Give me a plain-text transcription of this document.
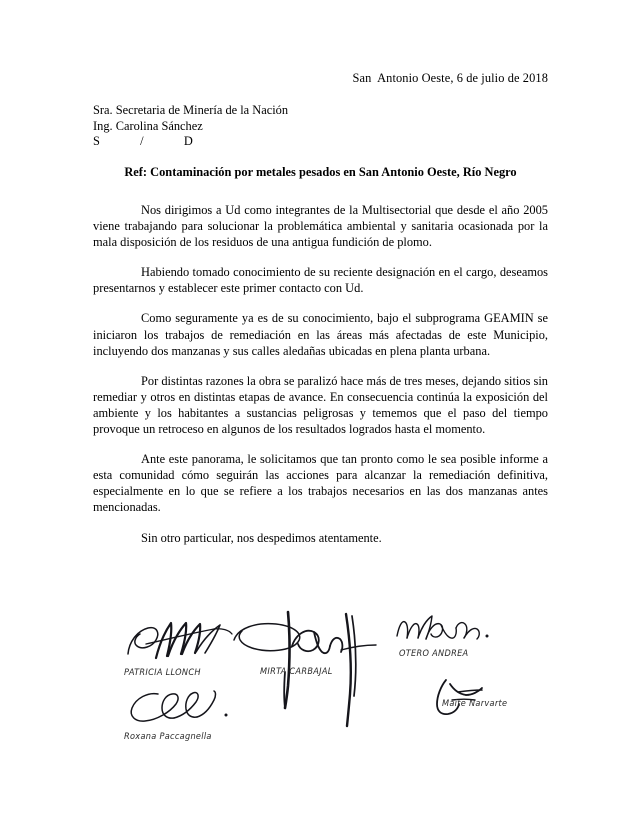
San  Antonio Oeste, 6 de julio de 2018
Sra. Secretaria de Minería de la Nación
Ing. Carolina Sánchez
S             /             D
Ref: Contaminación por metales pesados en San Antonio Oeste, Río Negro

Nos dirigimos a Ud como integrantes de la Multisectorial que desde el año 2005 viene trabajando para solucionar la problemática ambiental y sanitaria ocasionada por la mala disposición de los residuos de una antigua fundición de plomo.

Habiendo tomado conocimiento de su reciente designación en el cargo, deseamos presentarnos y establecer este primer contacto con Ud.

Como seguramente ya es de su conocimiento, bajo el subprograma GEAMIN se iniciaron los trabajos de remediación en las áreas más afectadas de este Municipio, incluyendo dos manzanas y sus calles aledañas ubicadas en plena planta urbana.

Por distintas razones la obra se paralizó hace más de tres meses, dejando sitios sin remediar y otros en distintas etapas de avance. En consecuencia continúa la exposición del ambiente y los habitantes a sustancias peligrosas y tememos que el paso del tiempo provoque un retroceso en algunos de los resultados logrados hasta el momento.

Ante este panorama, le solicitamos que tan pronto como le sea posible informe a esta comunidad cómo seguirán las acciones para alcanzar la remediación definitiva, especialmente en lo que se refiere a los trabajos necesarios en las dos manzanas antes mencionadas.

Sin otro particular, nos despedimos atentamente.

PATRICIA LLONCH	MIRTA CARBAJAL
OTERO ANDREA
Roxana Paccagnella
Maite Narvarte
